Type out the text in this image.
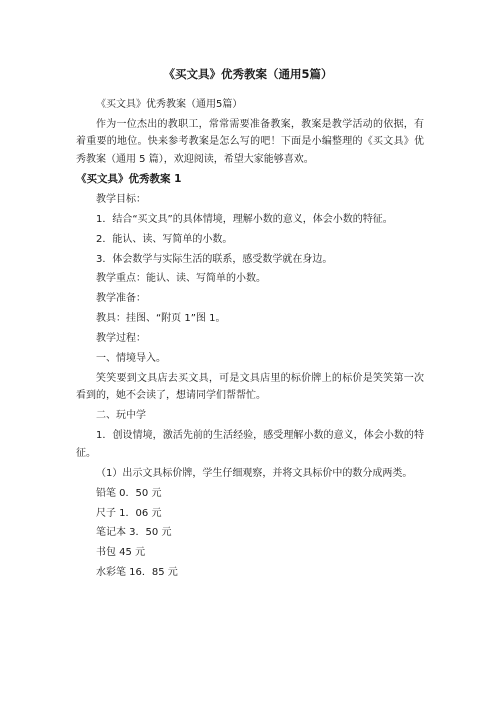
《买文具》优秀教案（通用5篇）

《买文具》优秀教案（通用5篇）

作为一位杰出的教职工，常常需要准备教案，教案是教学活动的依据，有着重要的地位。快来参考教案是怎么写的吧！下面是小编整理的《买文具》优秀教案（通用 5 篇），欢迎阅读，希望大家能够喜欢。

《买文具》优秀教案 1

教学目标：

1．结合“买文具”的具体情境，理解小数的意义，体会小数的特征。

2．能认、读、写简单的小数。

3．体会数学与实际生活的联系，感受数学就在身边。

教学重点：能认、读、写简单的小数。

教学准备：

教具：挂图、“附页 1”图 1。

教学过程：

一、情境导入。

笑笑要到文具店去买文具，可是文具店里的标价牌上的标价是笑笑第一次看到的，她不会读了，想请同学们帮帮忙。

二、玩中学

1．创设情境，激活先前的生活经验，感受理解小数的意义，体会小数的特征。

（1）出示文具标价牌，学生仔细观察，并将文具标价中的数分成两类。

铅笔 0．50 元

尺子 1．06 元

笔记本 3．50 元

书包 45 元

水彩笔 16．85 元
